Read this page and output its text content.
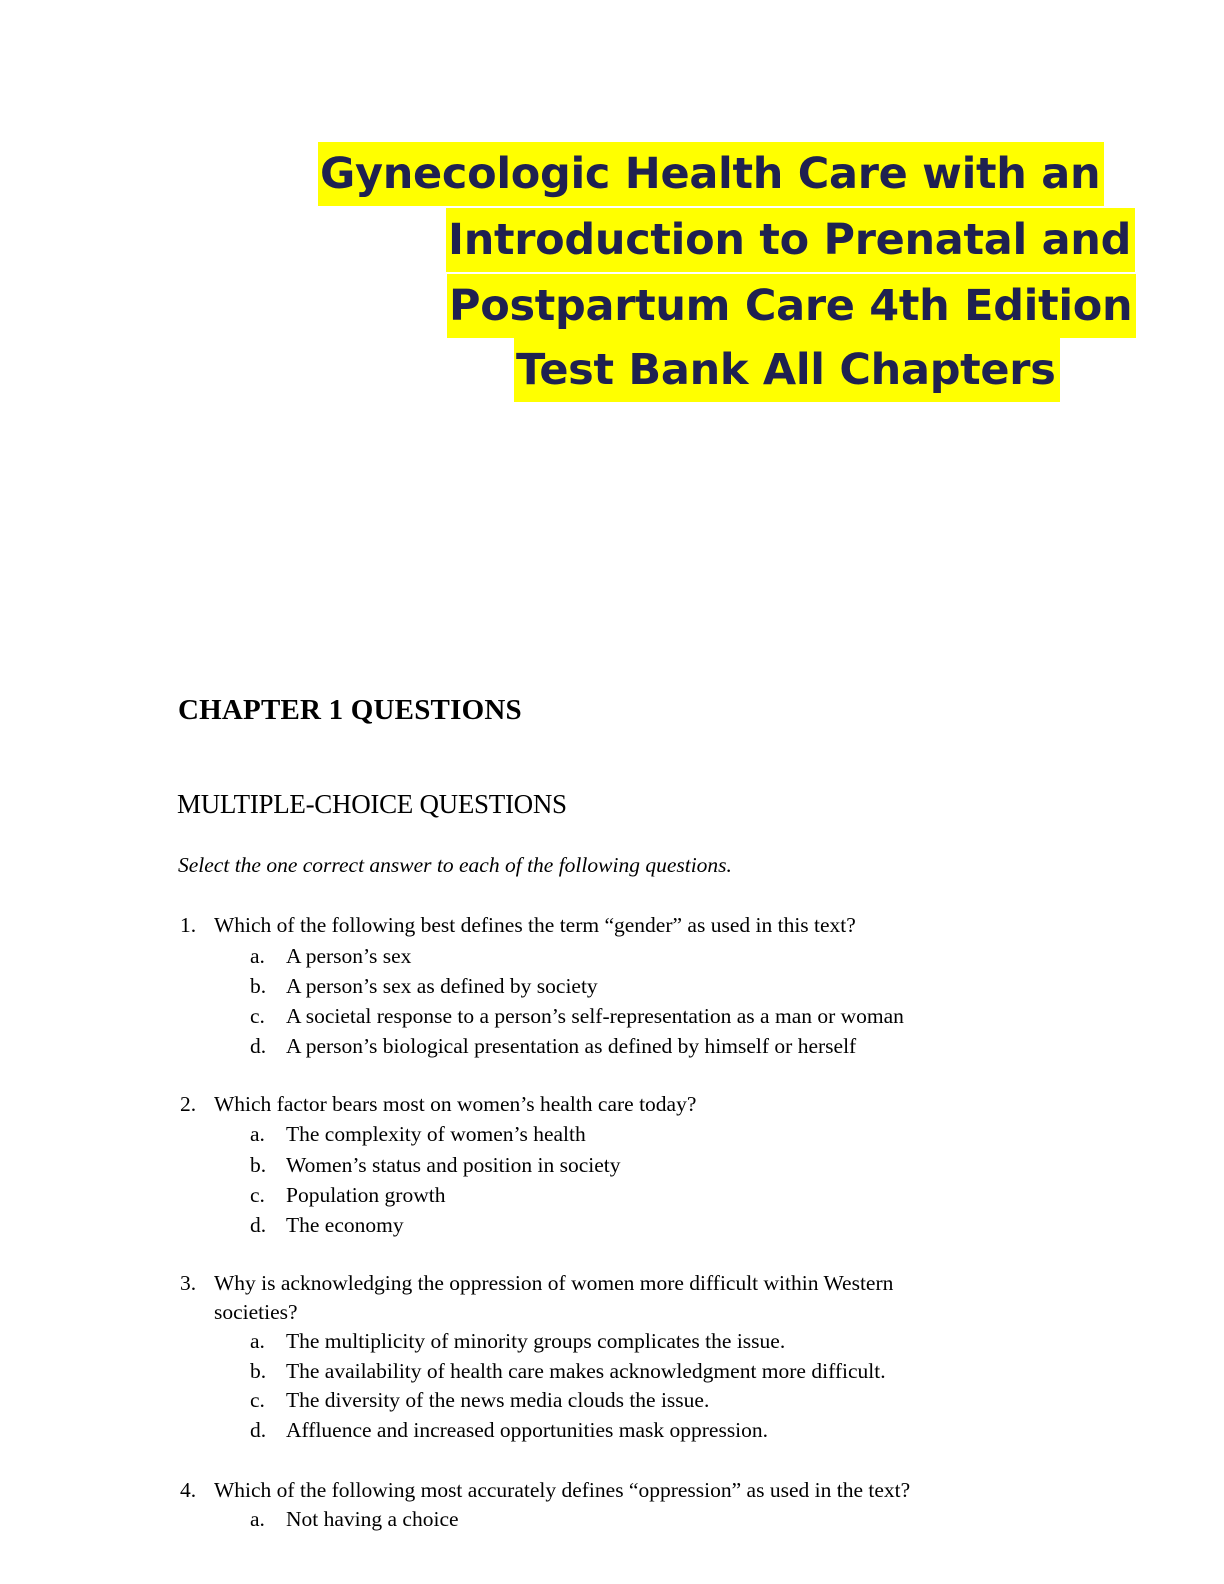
Gynecologic Health Care with an
Introduction to Prenatal and
Postpartum Care 4th Edition
Test Bank All Chapters
CHAPTER 1 QUESTIONS
MULTIPLE-CHOICE QUESTIONS
Select the one correct answer to each of the following questions.
1. Which of the following best defines the term “gender” as used in this text?
a. A person’s sex
b. A person’s sex as defined by society
c. A societal response to a person’s self-representation as a man or woman
d. A person’s biological presentation as defined by himself or herself
2. Which factor bears most on women’s health care today?
a. The complexity of women’s health
b. Women’s status and position in society
c. Population growth
d. The economy
3. Why is acknowledging the oppression of women more difficult within Western
societies?
a. The multiplicity of minority groups complicates the issue.
b. The availability of health care makes acknowledgment more difficult.
c. The diversity of the news media clouds the issue.
d. Affluence and increased opportunities mask oppression.
4. Which of the following most accurately defines “oppression” as used in the text?
a. Not having a choice
